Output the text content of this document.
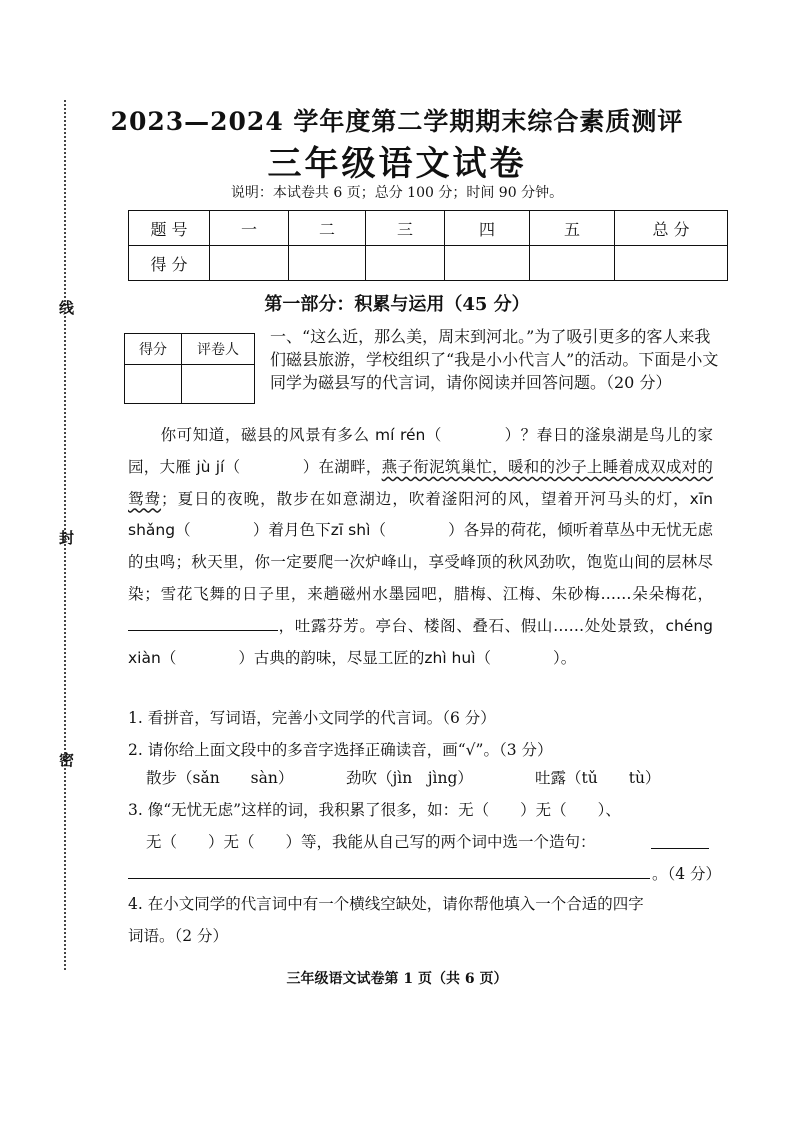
线
封
密
2023—2024 学年度第二学期期末综合素质测评
三年级语文试卷
说明：本试卷共 6 页；总分 100 分；时间 90 分钟。
题 号	一	二	三	四	五	总 分
得 分						
第一部分：积累与运用（45 分）
得分	评卷人

一、“这么近，那么美，周末到河北。”为了吸引更多的客人来我们磁县旅游，学校组织了“我是小小代言人”的活动。下面是小文同学为磁县写的代言词，请你阅读并回答问题。（20 分）
你可知道，磁县的风景有多么 mí rén（	）？春日的滏泉湖是鸟儿的家园，大雁 jù jí（	）在湖畔，燕子衔泥筑巢忙，暖和的沙子上睡着成双成对的鸳鸯；夏日的夜晚，散步在如意湖边，吹着滏阳河的风，望着开河马头的灯，xīn shǎng（	）着月色下zī shì（	）各异的荷花，倾听着草丛中无忧无虑的虫鸣；秋天里，你一定要爬一次炉峰山，享受峰顶的秋风劲吹，饱览山间的层林尽染；雪花飞舞的日子里，来趟磁州水墨园吧，腊梅、江梅、朱砂梅……朵朵梅花，，吐露芬芳。亭台、楼阁、叠石、假山……处处景致，chéng xiàn（	）古典的韵味，尽显工匠的zhì huì（	）。
1. 看拼音，写词语，完善小文同学的代言词。（6 分）
2. 请你给上面文段中的多音字选择正确读音，画“√”。（3 分）
散步（sǎn　　sàn）	劲吹（jìn　jìng）	吐露（tǔ　　tù）
3. 像“无忧无虑”这样的词，我积累了很多，如：无（　　）无（　　）、
无（　　）无（　　）等，我能从自己写的两个词中选一个造句：
。（4 分）
4. 在小文同学的代言词中有一个横线空缺处，请你帮他填入一个合适的四字
词语。（2 分）
三年级语文试卷第 1 页（共 6 页）
